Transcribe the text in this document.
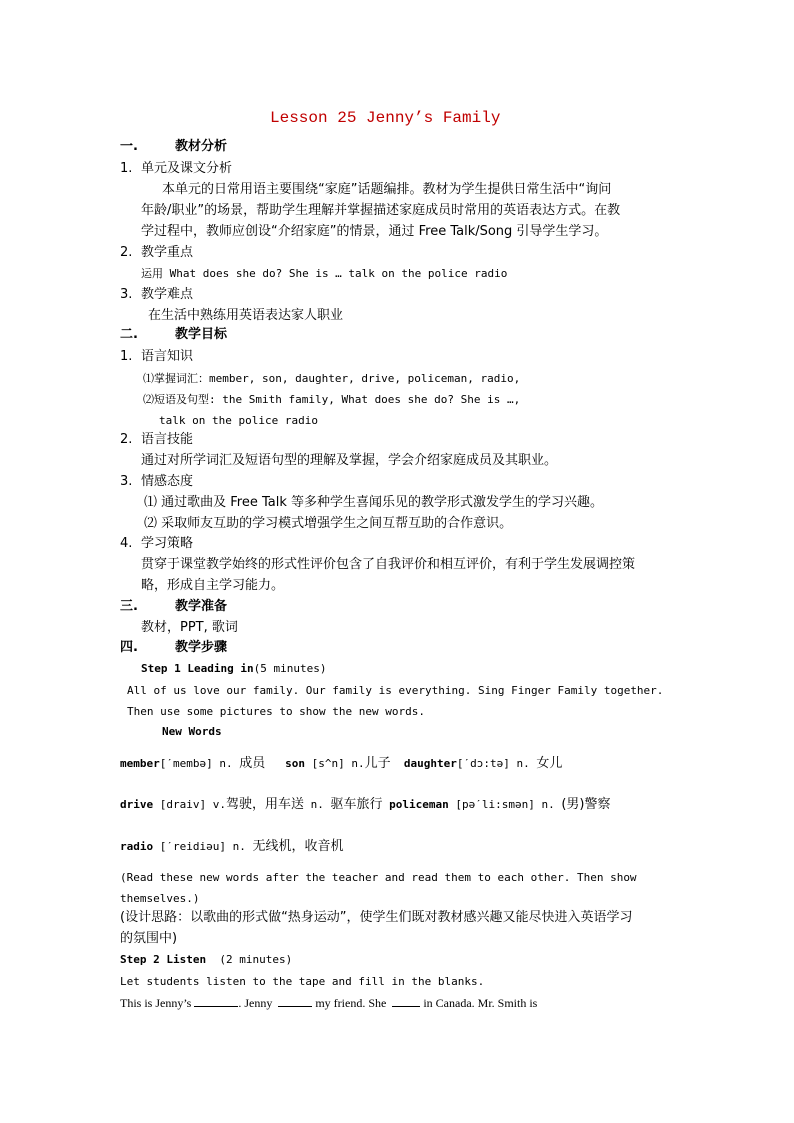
Lesson 25 Jenny’s Family
一.	教材分析
1. 单元及课文分析
本单元的日常用语主要围绕“家庭”话题编排。教材为学生提供日常生活中“询问
年龄/职业”的场景，帮助学生理解并掌握描述家庭成员时常用的英语表达方式。在教
学过程中，教师应创设“介绍家庭”的情景，通过 Free Talk/Song 引导学生学习。
2. 教学重点
运用 What does she do? She is … talk on the police radio
3. 教学难点
在生活中熟练用英语表达家人职业
二.	教学目标
1. 语言知识
⑴掌握词汇：member, son, daughter, drive, policeman, radio,
⑵短语及句型: the Smith family, What does she do? She is …,
talk on the police radio
2. 语言技能
通过对所学词汇及短语句型的理解及掌握，学会介绍家庭成员及其职业。
3. 情感态度
⑴ 通过歌曲及 Free Talk 等多种学生喜闻乐见的教学形式激发学生的学习兴趣。
⑵ 采取师友互助的学习模式增强学生之间互帮互助的合作意识。
4. 学习策略
贯穿于课堂教学始终的形式性评价包含了自我评价和相互评价，有利于学生发展调控策
略，形成自主学习能力。
三.	教学准备
教材，PPT, 歌词
四.	教学步骤
Step 1 Leading in(5 minutes)
All of us love our family. Our family is everything. Sing Finger Family together.
Then use some pictures to show the new words.
New Words
member[ˊmembə] n. 成员 son [s^n] n.儿子 daughter[ˊdɔ:tə] n. 女儿
drive [draiv] v.驾驶，用车送 n. 驱车旅行 policeman [pəˊli:smən] n. (男)警察
radio [ˊreidiəu] n. 无线机，收音机
(Read these new words after the teacher and read them to each other. Then show
themselves.)
(设计思路：以歌曲的形式做“热身运动”，使学生们既对教材感兴趣又能尽快进入英语学习
的氛围中)
Step 2 Listen (2 minutes)
Let students listen to the tape and fill in the blanks.
This is Jenny’s	. Jenny	my friend. She	in Canada. Mr. Smith is
